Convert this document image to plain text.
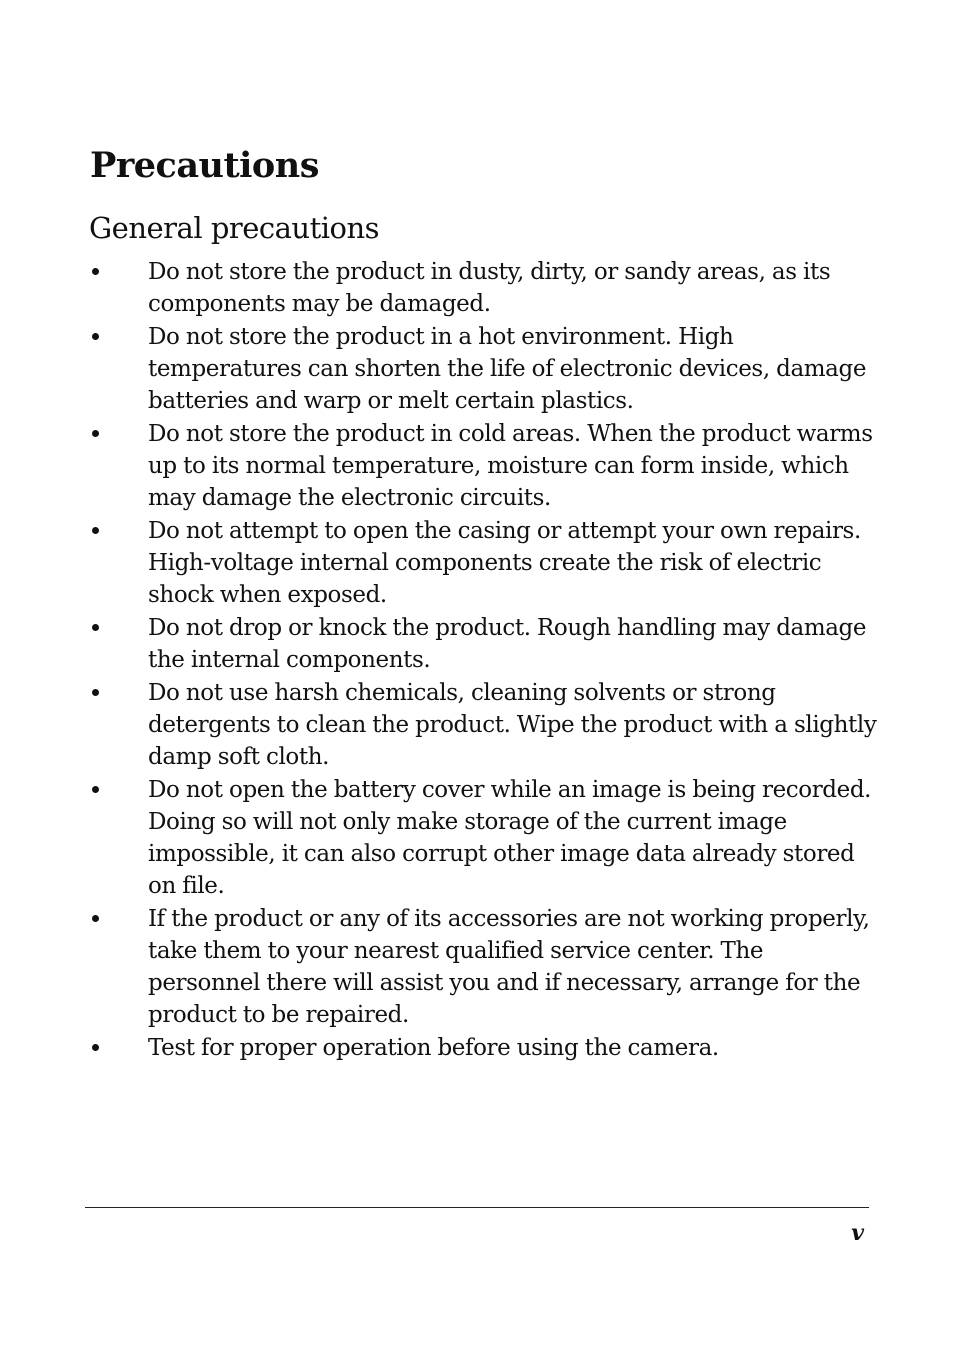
Precautions
General precautions
Do not store the product in dusty, dirty, or sandy areas, as its components may be damaged.
Do not store the product in a hot environment. High temperatures can shorten the life of electronic devices, damage batteries and warp or melt certain plastics.
Do not store the product in cold areas. When the product warms up to its normal temperature, moisture can form inside, which may damage the electronic circuits.
Do not attempt to open the casing or attempt your own repairs. High-voltage internal components create the risk of electric shock when exposed.
Do not drop or knock the product. Rough handling may damage the internal components.
Do not use harsh chemicals, cleaning solvents or strong detergents to clean the product. Wipe the product with a slightly damp soft cloth.
Do not open the battery cover while an image is being recorded. Doing so will not only make storage of the current image impossible, it can also corrupt other image data already stored on file.
If the product or any of its accessories are not working properly, take them to your nearest qualified service center. The personnel there will assist you and if necessary, arrange for the product to be repaired.
Test for proper operation before using the camera.
v
